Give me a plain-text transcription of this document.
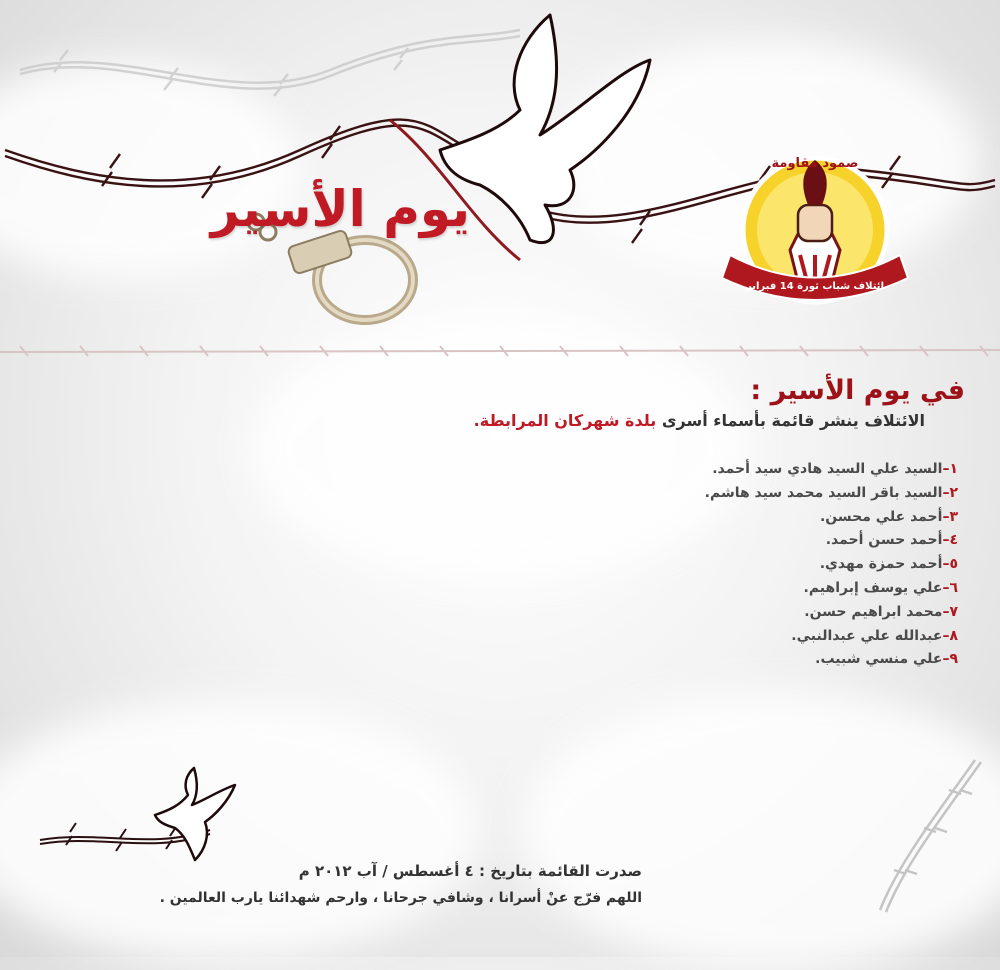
يوم الأسير
صمود مقاومة
ائتلاف شباب ثورة 14 فبراير
في يوم الأسير :
الائتلاف ينشر قائمة بأسماء أسرى بلدة شهركان المرابطة.
١–السيد علي السيد هادي سيد أحمد.
٢–السيد باقر السيد محمد سيد هاشم.
٣–أحمد علي محسن.
٤–أحمد حسن أحمد.
٥–أحمد حمزة مهدي.
٦–علي يوسف إبراهيم.
٧–محمد ابراهيم حسن.
٨–عبدالله علي عبدالنبي.
٩–علي منسي شبيب.
صدرت القائمة بتاريخ : ٤ أغسطس / آب ٢٠١٢ م
اللهم فرّج عنْ أسرانا ، وشافي جرحانا ، وارحم شهدائنا يارب العالمين .
